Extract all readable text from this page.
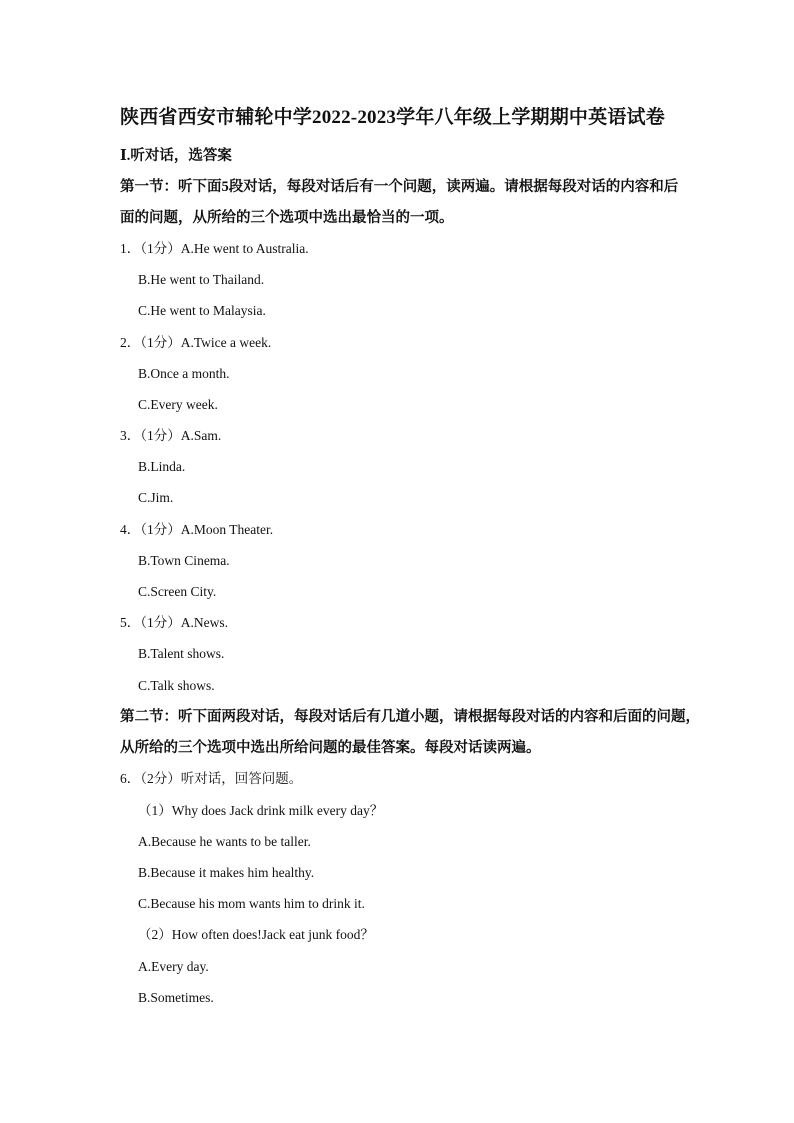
陕西省西安市辅轮中学2022-2023学年八年级上学期期中英语试卷
Ⅰ.听对话，选答案
第一节：听下面5段对话，每段对话后有一个问题，读两遍。请根据每段对话的内容和后
面的问题，从所给的三个选项中选出最恰当的一项。
1．（1分）A.He went to Australia.
B.He went to Thailand.
C.He went to Malaysia.
2．（1分）A.Twice a week.
B.Once a month.
C.Every week.
3．（1分）A.Sam.
B.Linda.
C.Jim.
4．（1分）A.Moon Theater.
B.Town Cinema.
C.Screen City.
5．（1分）A.News.
B.Talent shows.
C.Talk shows.
第二节：听下面两段对话，每段对话后有几道小题，请根据每段对话的内容和后面的问题，
从所给的三个选项中选出所给问题的最佳答案。每段对话读两遍。
6．（2分）听对话，回答问题。
（1）Why does Jack drink milk every day？
A.Because he wants to be taller.
B.Because it makes him healthy.
C.Because his mom wants him to drink it.
（2）How often does!Jack eat junk food？
A.Every day.
B.Sometimes.
